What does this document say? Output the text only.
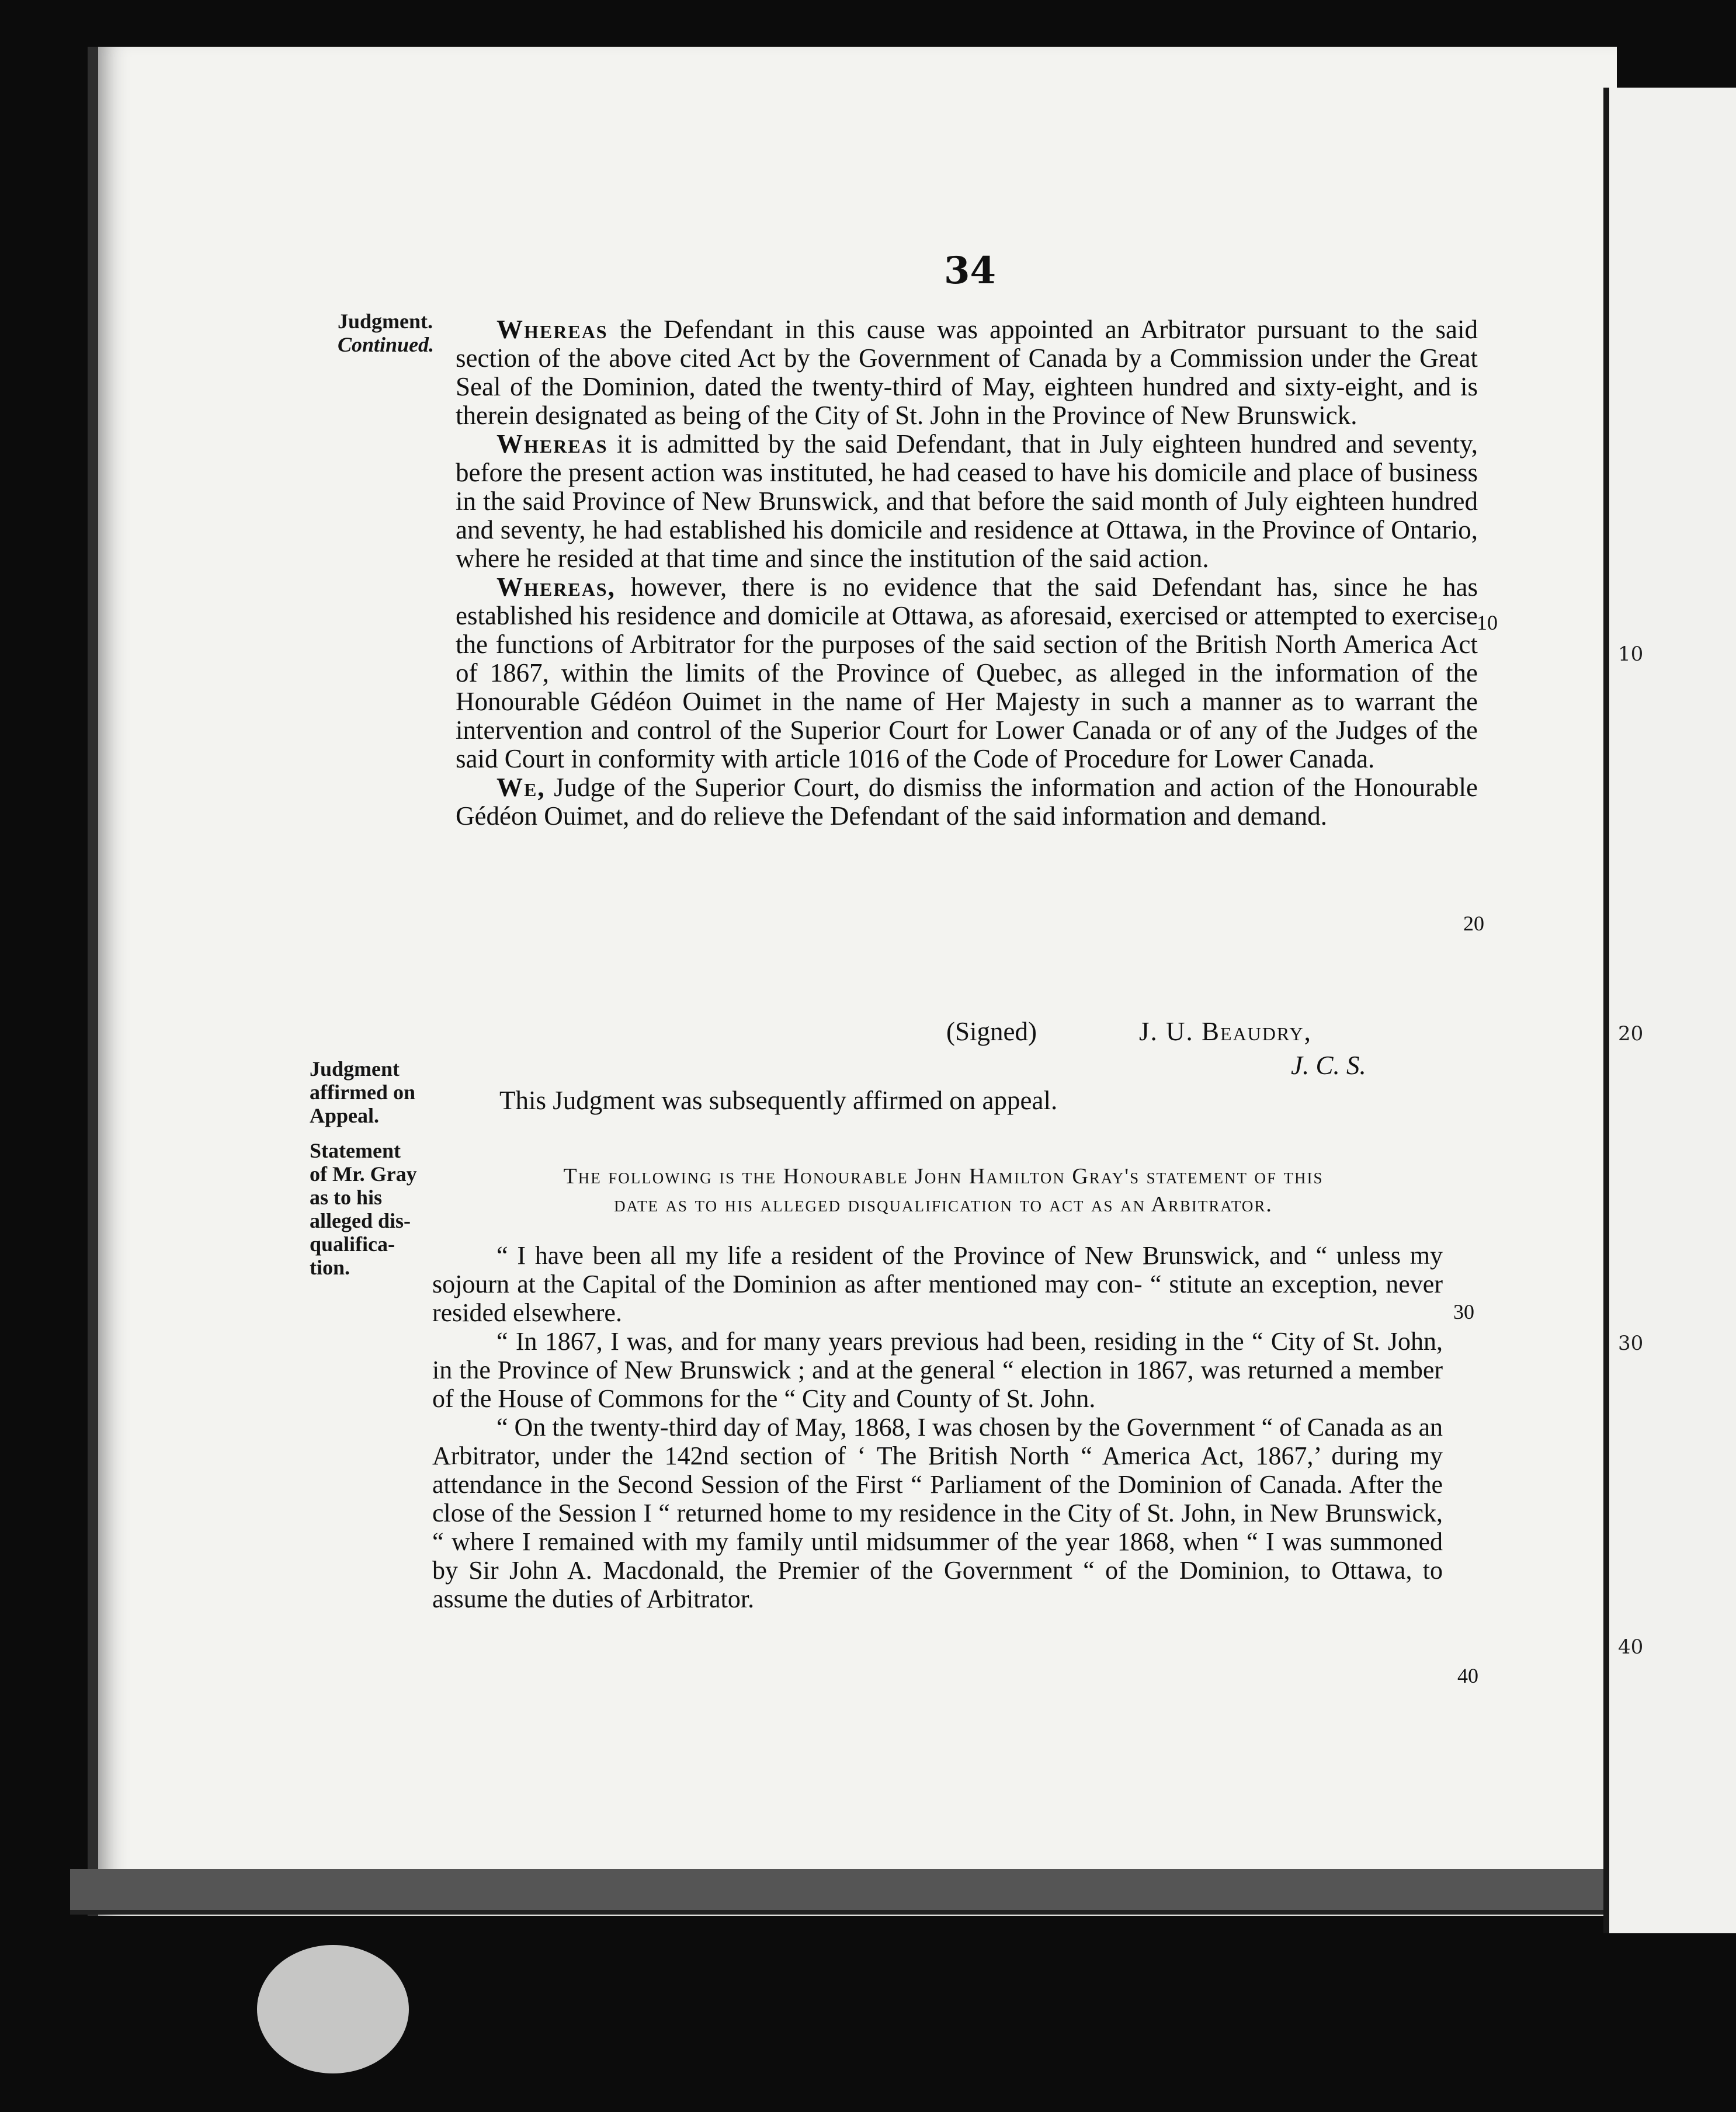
10
20
30
40
34
Judgment.
Continued.

Whereas the Defendant in this cause was appointed an Arbitrator pursuant to the said section of the above cited Act by the Government of Canada by a Commission under the Great Seal of the Dominion, dated the twenty-third of May, eighteen hundred and sixty-eight, and is therein designated as being of the City of St. John in the Province of New Brunswick.

Whereas it is admitted by the said Defendant, that in July eighteen hundred and seventy, before the present action was instituted, he had ceased to have his domicile and place of business in the said Province of New Brunswick, and that before the said month of July eighteen hundred and seventy, he had established his domicile and residence at Ottawa, in the Province of Ontario, where he resided at that time and since the institution of the said action.

Whereas, however, there is no evidence that the said Defendant has, since he has established his residence and domicile at Ottawa, as aforesaid, exercised or attempted to exercise the functions of Arbitrator for the purposes of the said section of the British North America Act of 1867, within the limits of the Province of Quebec, as alleged in the information of the Honourable Gédéon Ouimet in the name of Her Majesty in such a manner as to warrant the intervention and control of the Superior Court for Lower Canada or of any of the Judges of the said Court in conformity with article 1016 of the Code of Procedure for Lower Canada.

We, Judge of the Superior Court, do dismiss the information and action of the Honourable Gédéon Ouimet, and do relieve the Defendant of the said information and demand.

10
20
(Signed)	J. U. Beaudry,
J. C. S.
Judgment
affirmed on
Appeal.
This Judgment was subsequently affirmed on appeal.
Statement
of Mr. Gray
as to his
alleged dis-
qualifica-
tion.
The following is the Honourable John Hamilton Gray's statement of this
date as to his alleged disqualification to act as an Arbitrator.

“ I have been all my life a resident of the Province of New Brunswick, and “ unless my sojourn at the Capital of the Dominion as after mentioned may con- “ stitute an exception, never resided elsewhere.

“ In 1867, I was, and for many years previous had been, residing in the “ City of St. John, in the Province of New Brunswick ; and at the general “ election in 1867, was returned a member of the House of Commons for the “ City and County of St. John.

“ On the twenty-third day of May, 1868, I was chosen by the Government “ of Canada as an Arbitrator, under the 142nd section of ‘ The British North “ America Act, 1867,’ during my attendance in the Second Session of the First “ Parliament of the Dominion of Canada. After the close of the Session I “ returned home to my residence in the City of St. John, in New Brunswick, “ where I remained with my family until midsummer of the year 1868, when “ I was summoned by Sir John A. Macdonald, the Premier of the Government “ of the Dominion, to Ottawa, to assume the duties of Arbitrator.

30
40
